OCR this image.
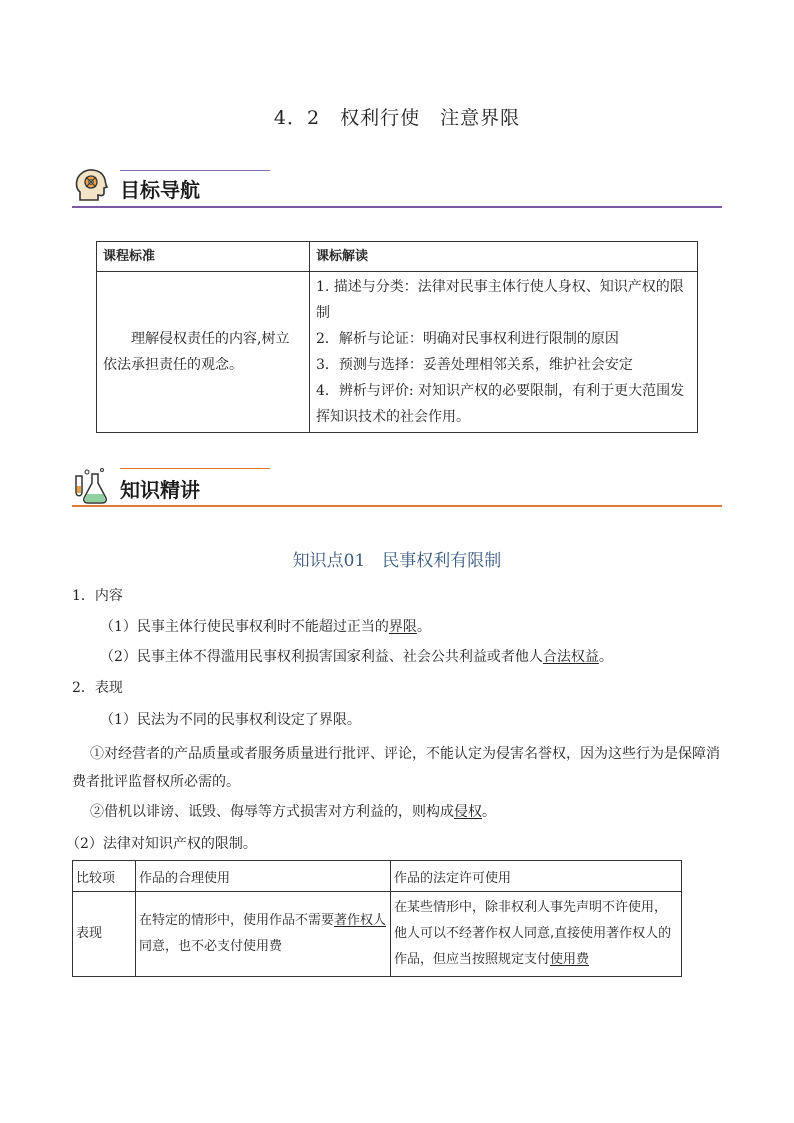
4．2　权利行使　注意界限
目标导航
课程标准	课标解读
理解侵权责任的内容,树立依法承担责任的观念。	1. 描述与分类：法律对民事主体行使人身权、知识产权的限制
2．解析与论证：明确对民事权利进行限制的原因
3．预测与选择：妥善处理相邻关系，维护社会安定
4．辨析与评价: 对知识产权的必要限制，有利于更大范围发挥知识技术的社会作用。
知识精讲
知识点01　民事权利有限制
1．内容
（1）民事主体行使民事权利时不能超过正当的界限。
（2）民事主体不得滥用民事权利损害国家利益、社会公共利益或者他人合法权益。
2．表现
（1）民法为不同的民事权利设定了界限。
①对经营者的产品质量或者服务质量进行批评、评论，不能认定为侵害名誉权，因为这些行为是保障消费者批评监督权所必需的。
②借机以诽谤、诋毁、侮辱等方式损害对方利益的，则构成侵权。
（2）法律对知识产权的限制。
比较项	作品的合理使用	作品的法定许可使用
表现	在特定的情形中，使用作品不需要著作权人同意，也不必支付使用费	在某些情形中，除非权利人事先声明不许使用，他人可以不经著作权人同意,直接使用著作权人的作品，但应当按照规定支付使用费
